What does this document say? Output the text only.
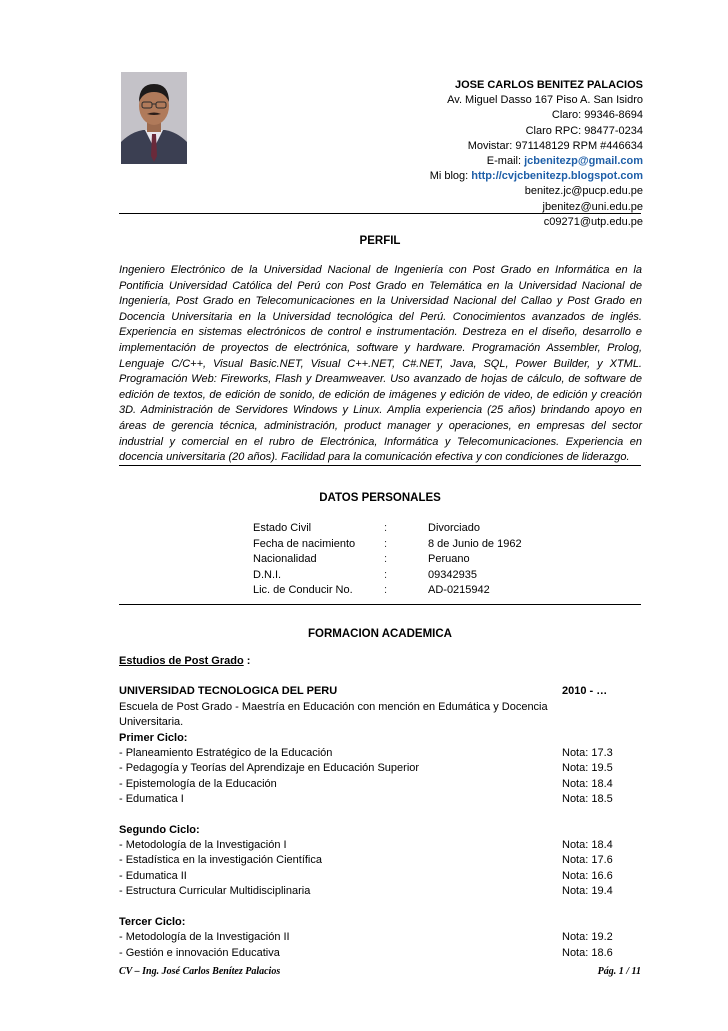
JOSE CARLOS BENITEZ PALACIOS
Av. Miguel Dasso 167 Piso A. San Isidro
Claro: 99346-8694
Claro RPC: 98477-0234
Movistar: 971148129 RPM #446634
E-mail: jcbenitezp@gmail.com
Mi blog: http://cvjcbenitezp.blogspot.com
benitez.jc@pucp.edu.pe
jbenitez@uni.edu.pe
c09271@utp.edu.pe
PERFIL
Ingeniero Electrónico de la Universidad Nacional de Ingeniería con Post Grado en Informática en la Pontificia Universidad Católica del Perú con Post Grado en Telemática en la Universidad Nacional de Ingeniería, Post Grado en Telecomunicaciones en la Universidad Nacional del Callao y Post Grado en Docencia Universitaria en la Universidad tecnológica del Perú. Conocimientos avanzados de inglés. Experiencia en sistemas electrónicos de control e instrumentación. Destreza en el diseño, desarrollo e implementación de proyectos de electrónica, software y hardware. Programación Assembler, Prolog, Lenguaje C/C++, Visual Basic.NET, Visual C++.NET, C#.NET, Java, SQL, Power Builder, y XTML. Programación Web: Fireworks, Flash y Dreamweaver. Uso avanzado de hojas de cálculo, de software de edición de textos, de edición de sonido, de edición de imágenes y edición de video, de edición y creación 3D. Administración de Servidores Windows y Linux. Amplia experiencia (25 años) brindando apoyo en áreas de gerencia técnica, administración, product manager y operaciones, en empresas del sector industrial y comercial en el rubro de Electrónica, Informática y Telecomunicaciones. Experiencia en docencia universitaria (20 años). Facilidad para la comunicación efectiva y con condiciones de liderazgo.
DATOS PERSONALES
Estado Civil	:	Divorciado
Fecha de nacimiento	:	8 de Junio de 1962
Nacionalidad	:	Peruano
D.N.I.	:	09342935
Lic. de Conducir No.	:	AD-0215942
FORMACION ACADEMICA
Estudios de Post Grado :
UNIVERSIDAD TECNOLOGICA DEL PERU	2010 - …
Escuela de Post Grado - Maestría en Educación con mención en Edumática y Docencia Universitaria.
Primer Ciclo:
- Planeamiento Estratégico de la Educación	Nota: 17.3
- Pedagogía y Teorías del Aprendizaje en Educación Superior	Nota: 19.5
- Epistemología de la Educación	Nota: 18.4
- Edumatica I	Nota: 18.5
Segundo Ciclo:
- Metodología de la Investigación I	Nota: 18.4
- Estadística en la investigación Científica	Nota: 17.6
- Edumatica II	Nota: 16.6
- Estructura Curricular Multidisciplinaria	Nota: 19.4
Tercer Ciclo:
- Metodología de la Investigación II	Nota: 19.2
- Gestión e innovación Educativa	Nota: 18.6
CV – Ing. José Carlos Benítez Palacios	Pág. 1 / 11
